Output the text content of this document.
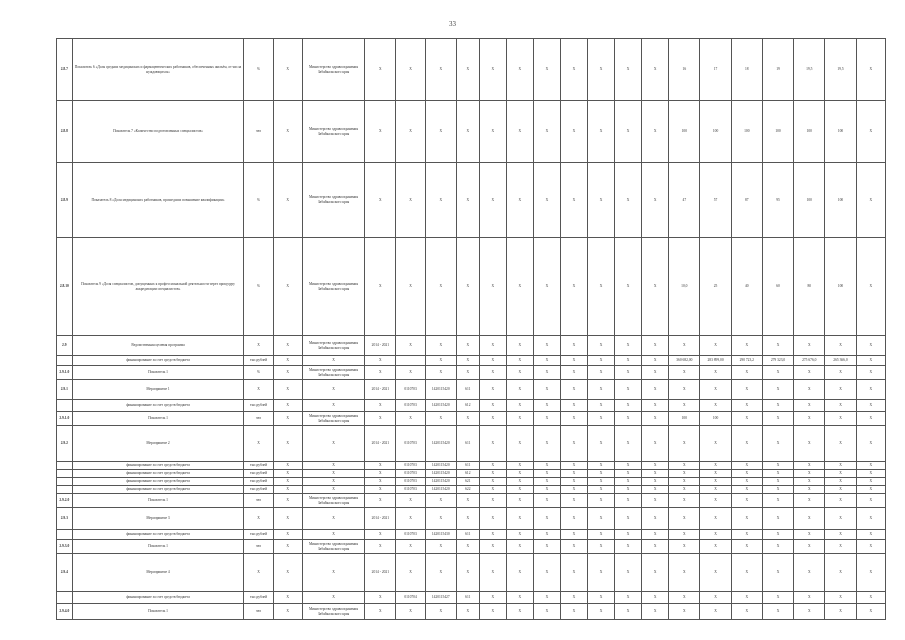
33
2.8.7	Показатель 6 «Доля средних медицинских и фармацевтических работников, обеспеченных жильём, от числа нуждающихся»	%	Х	Министерство здравоохранения Забайкальского края	Х	Х	Х	Х	Х	Х	Х	Х	Х	Х	Х	16	17	18	19	19,5	19,5	Х
2.8.8	Показатель 7 «Количество подготовленных специалистов»	чел	Х	Министерство здравоохранения Забайкальского края	Х	Х	Х	Х	Х	Х	Х	Х	Х	Х	Х	100	100	100	100	100	100	Х
2.8.9	Показатель 8 «Доля медицинских работников, прошедших повышение квалификации»	%	Х	Министерство здравоохранения Забайкальского края	Х	Х	Х	Х	Х	Х	Х	Х	Х	Х	Х	47	57	87	95	100	100	Х
2.8.10	Показатель 9 «Доля специалистов, допущенных к профессиональной деятельности через процедуру аккредитации специалистов»	%	Х	Министерство здравоохранения Забайкальского края	Х	Х	Х	Х	Х	Х	Х	Х	Х	Х	Х	10,0	25	40	60	80	100	Х
2.9	Ведомственная целевая программа	Х	Х	Министерство здравоохранения Забайкальского края	2014 - 2021	Х	Х	Х	Х	Х	Х	Х	Х	Х	Х	Х	Х	Х	Х	Х	Х	Х
	финансирование за счет средств бюджета	тыс.рублей	Х	Х	Х		Х	Х	Х	Х	Х	Х	Х	Х	Х	360 682,00	283 899,00	290 723,2	279 323,0	275 676,0	265 366,0	Х
2.9.1.0	Показатель 1	%	Х	Министерство здравоохранения Забайкальского края	Х	Х	Х	Х	Х	Х	Х	Х	Х	Х	Х	Х	Х	Х	Х	Х	Х	Х
2.9.1	Мероприятие 1	Х	Х	Х	2014 - 2021	0110703	1420115420	611	Х	Х	Х	Х	Х	Х	Х	Х	Х	Х	Х	Х	Х	Х
	финансирование за счет средств бюджета	тыс.рублей	Х	Х	Х	0110703	1420115420	612	Х	Х	Х	Х	Х	Х	Х	Х	Х	Х	Х	Х	Х	Х
2.9.1.0	Показатель 1	чел	Х	Министерство здравоохранения Забайкальского края	Х	Х	Х	Х	Х	Х	Х	Х	Х	Х	Х	100	100	Х	Х	Х	Х	Х
2.9.2	Мероприятие 2	Х	Х	Х	2014 - 2021	0110703	1420115420	611	Х	Х	Х	Х	Х	Х	Х	Х	Х	Х	Х	Х	Х	Х
	финансирование за счет средств бюджета	тыс.рублей	Х	Х	Х	0110703	1420115420	611	Х	Х	Х	Х	Х	Х	Х	Х	Х	Х	Х	Х	Х	Х
	финансирование за счет средств бюджета	тыс.рублей	Х	Х	Х	0110703	1420115420	612	Х	Х	Х	Х	Х	Х	Х	Х	Х	Х	Х	Х	Х	Х
	финансирование за счет средств бюджета	тыс.рублей	Х	Х	Х	0110703	1420115420	621	Х	Х	Х	Х	Х	Х	Х	Х	Х	Х	Х	Х	Х	Х
	финансирование за счет средств бюджета	тыс.рублей	Х	Х	Х	0110703	1420115420	622	Х	Х	Х	Х	Х	Х	Х	Х	Х	Х	Х	Х	Х	Х
2.9.2.0	Показатель 1	чел	Х	Министерство здравоохранения Забайкальского края	Х	Х	Х	Х	Х	Х	Х	Х	Х	Х	Х	Х	Х	Х	Х	Х	Х	Х
2.9.3	Мероприятие 3	Х	Х	Х	2014 - 2021	Х	Х	Х	Х	Х	Х	Х	Х	Х	Х	Х	Х	Х	Х	Х	Х	Х
	финансирование за счет средств бюджета	тыс.рублей	Х	Х	Х	0110703	1420115430	611	Х	Х	Х	Х	Х	Х	Х	Х	Х	Х	Х	Х	Х	Х
2.9.3.0	Показатель 1	чел	Х	Министерство здравоохранения Забайкальского края	Х	Х	Х	Х	Х	Х	Х	Х	Х	Х	Х	Х	Х	Х	Х	Х	Х	Х
2.9.4	Мероприятие 4	Х	Х	Х	2014 - 2021	Х	Х	Х	Х	Х	Х	Х	Х	Х	Х	Х	Х	Х	Х	Х	Х	Х
	финансирование за счет средств бюджета	тыс.рублей	Х	Х	Х	0110704	1420115427	611	Х	Х	Х	Х	Х	Х	Х	Х	Х	Х	Х	Х	Х	Х
2.9.4.0	Показатель 1	чел	Х	Министерство здравоохранения Забайкальского края	Х	Х	Х	Х	Х	Х	Х	Х	Х	Х	Х	Х	Х	Х	Х	Х	Х	Х
